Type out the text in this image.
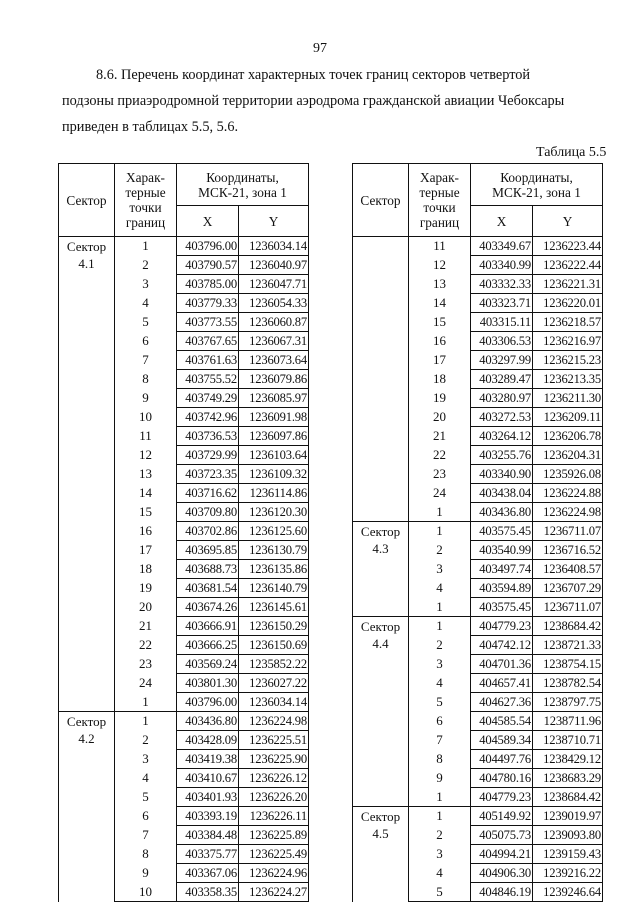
97
8.6. Перечень координат характерных точек границ секторов четвертой
подзоны приаэродромной территории аэродрома гражданской авиации Чебоксары
приведен в таблицах 5.5, 5.6.
Таблица 5.5
Сектор	Харак-
терные
точки
границ	Координаты,
МСК-21, зона 1	
		X	Y
Сектор
4.1	1	403796.00	1236034.14
	2	403790.57	1236040.97
	3	403785.00	1236047.71
	4	403779.33	1236054.33
	5	403773.55	1236060.87
	6	403767.65	1236067.31
	7	403761.63	1236073.64
	8	403755.52	1236079.86
	9	403749.29	1236085.97
	10	403742.96	1236091.98
	11	403736.53	1236097.86
	12	403729.99	1236103.64
	13	403723.35	1236109.32
	14	403716.62	1236114.86
	15	403709.80	1236120.30
	16	403702.86	1236125.60
	17	403695.85	1236130.79
	18	403688.73	1236135.86
	19	403681.54	1236140.79
	20	403674.26	1236145.61
	21	403666.91	1236150.29
	22	403666.25	1236150.69
	23	403569.24	1235852.22
	24	403801.30	1236027.22
	1	403796.00	1236034.14
Сектор
4.2	1	403436.80	1236224.98
	2	403428.09	1236225.51
	3	403419.38	1236225.90
	4	403410.67	1236226.12
	5	403401.93	1236226.20
	6	403393.19	1236226.11
	7	403384.48	1236225.89
	8	403375.77	1236225.49
	9	403367.06	1236224.96
	10	403358.35	1236224.27
Сектор	Харак-
терные
точки
границ	Координаты,
МСК-21, зона 1	
		X	Y

	11	403349.67	1236223.44
	12	403340.99	1236222.44
	13	403332.33	1236221.31
	14	403323.71	1236220.01
	15	403315.11	1236218.57
	16	403306.53	1236216.97
	17	403297.99	1236215.23
	18	403289.47	1236213.35
	19	403280.97	1236211.30
	20	403272.53	1236209.11
	21	403264.12	1236206.78
	22	403255.76	1236204.31
	23	403340.90	1235926.08
	24	403438.04	1236224.88
	1	403436.80	1236224.98
Сектор
4.3	1	403575.45	1236711.07
	2	403540.99	1236716.52
	3	403497.74	1236408.57
	4	403594.89	1236707.29
	1	403575.45	1236711.07
Сектор
4.4	1	404779.23	1238684.42
	2	404742.12	1238721.33
	3	404701.36	1238754.15
	4	404657.41	1238782.54
	5	404627.36	1238797.75
	6	404585.54	1238711.96
	7	404589.34	1238710.71
	8	404497.76	1238429.12
	9	404780.16	1238683.29
	1	404779.23	1238684.42
Сектор
4.5	1	405149.92	1239019.97
	2	405075.73	1239093.80
	3	404994.21	1239159.43
	4	404906.30	1239216.22
	5	404846.19	1239246.64
